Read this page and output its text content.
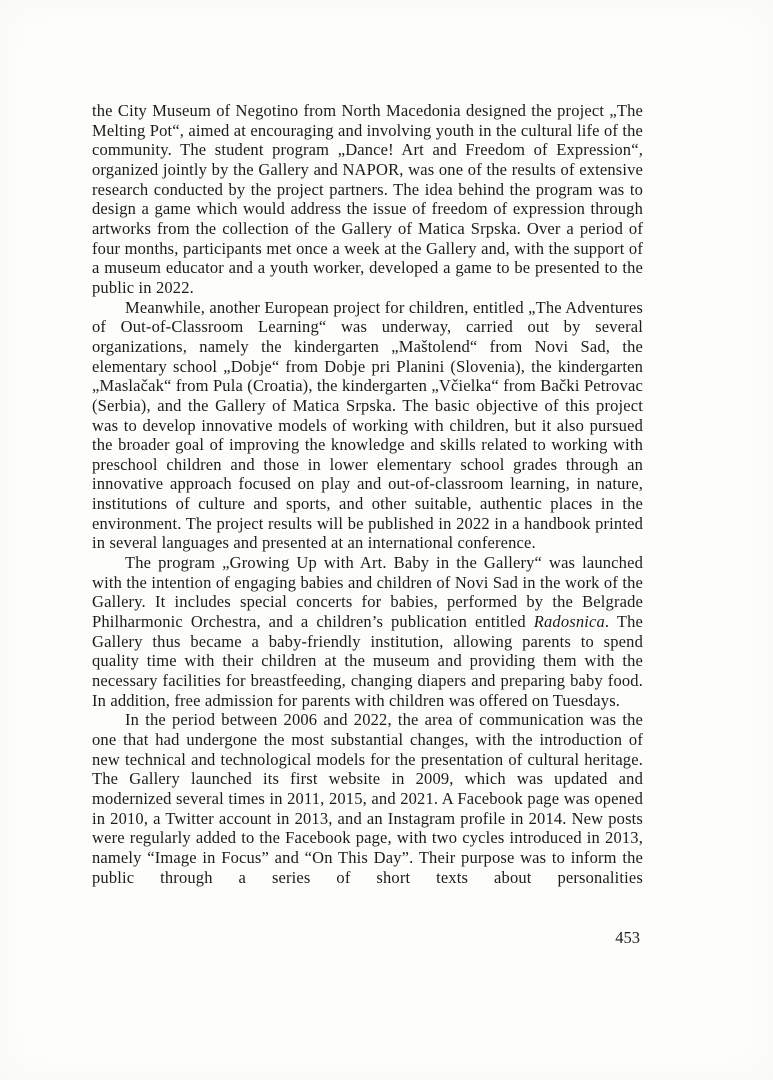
the City Museum of Negotino from North Macedonia designed the project „The Melting Pot“, aimed at encouraging and involving youth in the cultural life of the community. The student program „Dance! Art and Freedom of Expression“, organized jointly by the Gallery and NAPOR, was one of the results of extensive research conducted by the project partners. The idea behind the program was to design a game which would address the issue of freedom of expression through artworks from the collection of the Gallery of Matica Srpska. Over a period of four months, participants met once a week at the Gallery and, with the support of a museum educator and a youth worker, developed a game to be presented to the public in 2022.

Meanwhile, another European project for children, entitled „The Adventures of Out-of-Classroom Learning“ was underway, carried out by several organizations, namely the kindergarten „Maštolend“ from Novi Sad, the elementary school „Dobje“ from Dobje pri Planini (Slovenia), the kindergarten „Maslačak“ from Pula (Croatia), the kindergarten „Včielka“ from Bački Petrovac (Serbia), and the Gallery of Matica Srpska. The basic objective of this project was to develop innovative models of working with children, but it also pursued the broader goal of improving the knowledge and skills related to working with preschool children and those in lower elementary school grades through an innovative approach focused on play and out-of-classroom learning, in nature, institutions of culture and sports, and other suitable, authentic places in the environment. The project results will be published in 2022 in a handbook printed in several languages and presented at an international conference.

The program „Growing Up with Art. Baby in the Gallery“ was launched with the intention of engaging babies and children of Novi Sad in the work of the Gallery. It includes special concerts for babies, performed by the Belgrade Philharmonic Orchestra, and a children’s publication entitled Radosnica. The Gallery thus became a baby-friendly institution, allowing parents to spend quality time with their children at the museum and providing them with the necessary facilities for breastfeeding, changing diapers and preparing baby food. In addition, free admission for parents with children was offered on Tuesdays.

In the period between 2006 and 2022, the area of communication was the one that had undergone the most substantial changes, with the introduction of new technical and technological models for the presentation of cultural heritage. The Gallery launched its first website in 2009, which was updated and modernized several times in 2011, 2015, and 2021. A Facebook page was opened in 2010, a Twitter account in 2013, and an Instagram profile in 2014. New posts were regularly added to the Facebook page, with two cycles introduced in 2013, namely “Image in Focus” and “On This Day”. Their purpose was to inform the public through a series of short texts about personalities

453
